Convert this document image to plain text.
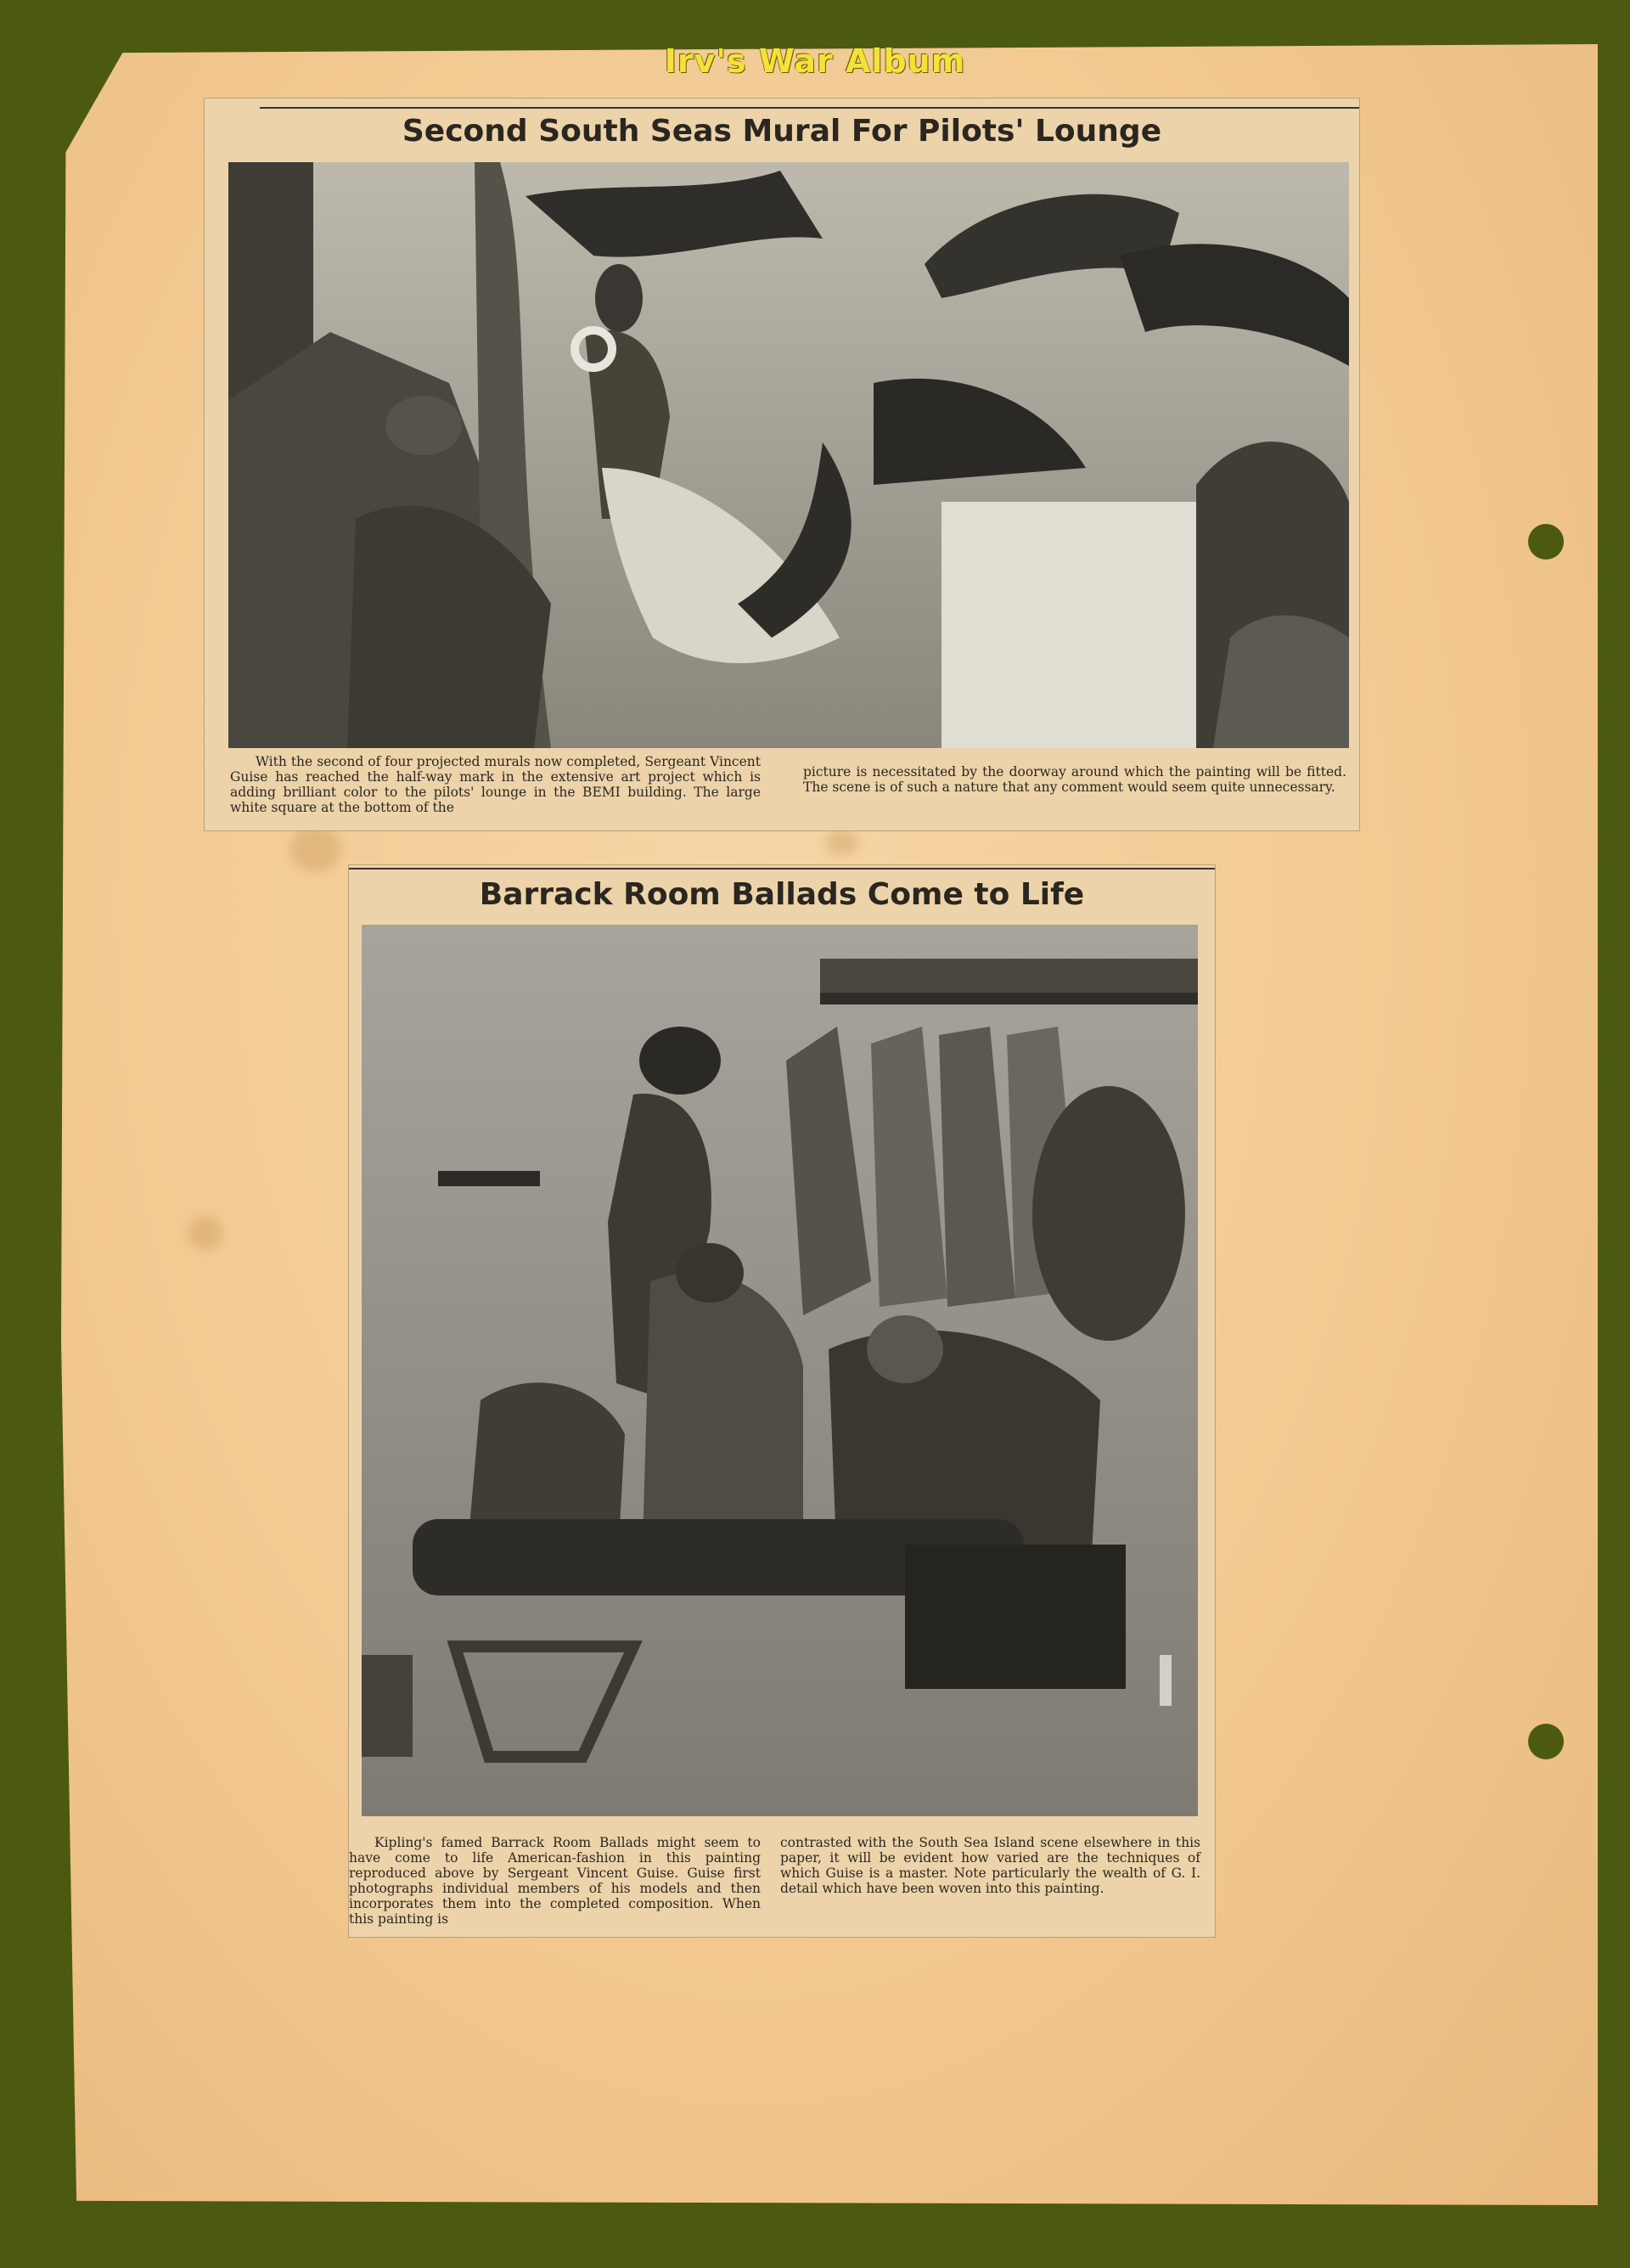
Irv's War Album
Second South Seas Mural For Pilots' Lounge
With the second of four projected murals now completed, Sergeant Vincent Guise has reached the half-way mark in the extensive art project which is adding brilliant color to the pilots' lounge in the BEMI building. The large white square at the bottom of the
picture is necessitated by the doorway around which the painting will be fitted. The scene is of such a nature that any comment would seem quite unnecessary.
Barrack Room Ballads Come to Life
Kipling's famed Barrack Room Ballads might seem to have come to life American-fashion in this painting reproduced above by Sergeant Vincent Guise. Guise first photographs individual members of his models and then incorporates them into the completed composition. When this painting is
contrasted with the South Sea Island scene elsewhere in this paper, it will be evident how varied are the techniques of which Guise is a master. Note particularly the wealth of G. I. detail which have been woven into this painting.
